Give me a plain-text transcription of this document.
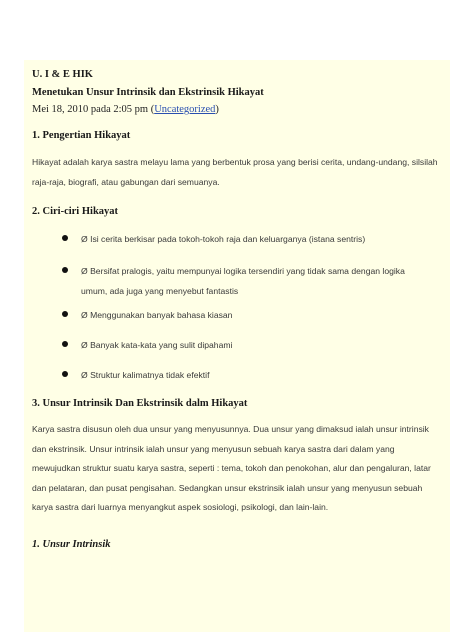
U. I & E HIK
Menetukan Unsur Intrinsik dan Ekstrinsik Hikayat
Mei 18, 2010 pada 2:05 pm (Uncategorized)
1. Pengertian Hikayat
Hikayat adalah karya sastra melayu lama yang berbentuk prosa yang berisi cerita, undang-undang, silsilah raja-raja, biografi, atau gabungan dari semuanya.
2. Ciri-ciri Hikayat
Ø Isi cerita berkisar pada tokoh-tokoh raja dan keluarganya (istana sentris)
Ø Bersifat pralogis, yaitu mempunyai logika tersendiri yang tidak sama dengan logika umum, ada juga yang menyebut fantastis
Ø Menggunakan banyak bahasa kiasan
Ø Banyak kata-kata yang sulit dipahami
Ø Struktur kalimatnya tidak efektif
3. Unsur Intrinsik Dan Ekstrinsik dalm Hikayat
Karya sastra disusun oleh dua unsur yang menyusunnya. Dua unsur yang dimaksud ialah unsur intrinsik dan ekstrinsik. Unsur intrinsik ialah unsur yang menyusun sebuah karya sastra dari dalam yang mewujudkan struktur suatu karya sastra, seperti : tema, tokoh dan penokohan, alur dan pengaluran, latar dan pelataran, dan pusat pengisahan. Sedangkan unsur ekstrinsik ialah unsur yang menyusun sebuah karya sastra dari luarnya menyangkut aspek sosiologi, psikologi, dan lain-lain.
1. Unsur Intrinsik
